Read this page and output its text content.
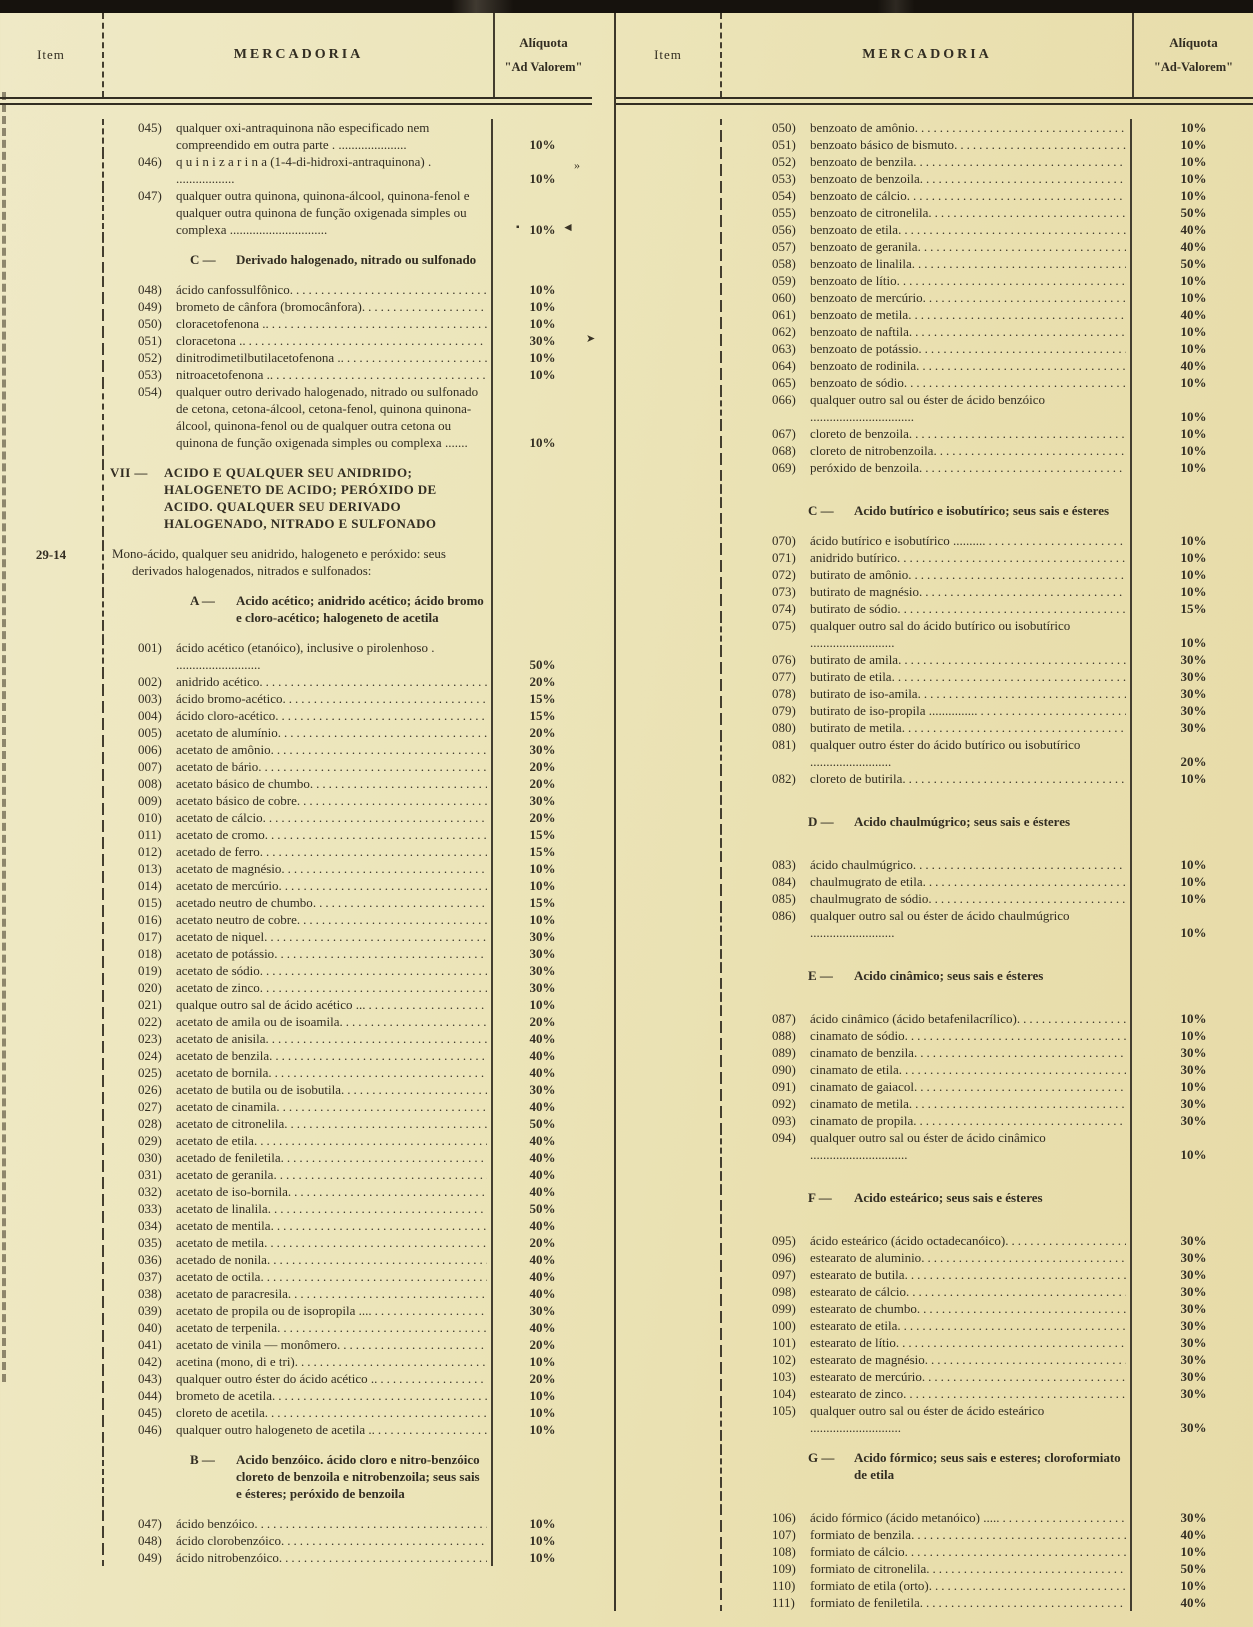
Item	MERCADORIA
Alíquota
"Ad Valorem"
045)	qualquer oxi-antraquinona não especificado nem compreendido em outra parte . .....................	10%
046)	q u i n i z a r i n a (1-4-di-hidroxi-antraquinona) . ..................	10%
047)	qualquer outra quinona, quinona-álcool, quinona-fenol e qualquer outra quinona de função oxigenada simples ou complexa ..............................	10%
C —	Derivado halogenado, nitrado ou sulfonado
048)	ácido canfossulfônico .....	10%
049)	brometo de cânfora (bromocânfora) .....	10%
050)	cloracetofenona . .....	10%
051)	cloracetona . .....	30%
052)	dinitrodimetilbutilacetofenona . .....	10%
053)	nitroacetofenona . .....	10%
054)	qualquer outro derivado halogenado, nitrado ou sulfonado de cetona, cetona-álcool, cetona-fenol, quinona quinona-álcool, quinona-fenol ou de qualquer outra cetona ou quinona de função oxigenada simples ou complexa .......	10%
VII —	ACIDO E QUALQUER SEU ANIDRIDO; HALOGENETO DE ACIDO; PERÓXIDO DE ACIDO. QUALQUER SEU DERIVADO HALOGENADO, NITRADO E SULFONADO
29-14	Mono-ácido, qualquer seu anidrido, halogeneto e peróxido: seus derivados halogenados, nitrados e sulfonados:
A —	Acido acético; anidrido acético; ácido bromo e cloro-acético; halogeneto de acetila
001)	ácido acético (etanóico), inclusive o pirolenhoso . ..........................	50%
002)	anidrido acético .....	20%
003)	ácido bromo-acético .....	15%
004)	ácido cloro-acético .....	15%
005)	acetato de alumínio .....	20%
006)	acetato de amônio .....	30%
007)	acetato de bário .....	20%
008)	acetato básico de chumbo .....	20%
009)	acetato básico de cobre .....	30%
010)	acetato de cálcio .....	20%
011)	acetato de cromo .....	15%
012)	acetado de ferro .....	15%
013)	acetato de magnésio .....	10%
014)	acetato de mercúrio .....	10%
015)	acetado neutro de chumbo .....	15%
016)	acetato neutro de cobre .....	10%
017)	acetato de niquel .....	30%
018)	acetato de potássio .....	30%
019)	acetato de sódio .....	30%
020)	acetato de zinco .....	30%
021)	qualque outro sal de ácido acético .. .....	10%
022)	acetato de amila ou de isoamila .....	20%
023)	acetato de anisila .....	40%
024)	acetato de benzila .....	40%
025)	acetato de bornila .....	40%
026)	acetato de butila ou de isobutila .....	30%
027)	acetato de cinamila .....	40%
028)	acetato de citronelila .....	50%
029)	acetato de etila .....	40%
030)	acetado de feniletila .....	40%
031)	acetato de geranila .....	40%
032)	acetato de iso-bornila .....	40%
033)	acetato de linalila .....	50%
034)	acetato de mentila .....	40%
035)	acetato de metila .....	20%
036)	acetado de nonila .....	40%
037)	acetato de octila .....	40%
038)	acetato de paracresila .....	40%
039)	acetato de propila ou de isopropila ... .....	30%
040)	acetato de terpenila .....	40%
041)	acetato de vinila — monômero .....	20%
042)	acetina (mono, di e tri) .....	10%
043)	qualquer outro éster do ácido acético . .....	20%
044)	brometo de acetila .....	10%
045)	cloreto de acetila .....	10%
046)	qualquer outro halogeneto de acetila . .....	10%
B —	Acido benzóico. ácido cloro e nitro-benzóico cloreto de benzoila e nitrobenzoila; seus sais e ésteres; peróxido de benzoila
047)	ácido benzóico .....	10%
048)	ácido clorobenzóico .....	10%
049)	ácido nitrobenzóico .....	10%
Item	MERCADORIA
Alíquota
"Ad-Valorem"
050)	benzoato de amônio .....	10%
051)	benzoato básico de bismuto .....	10%
052)	benzoato de benzila .....	10%
053)	benzoato de benzoila .....	10%
054)	benzoato de cálcio .....	10%
055)	benzoato de citronelila .....	50%
056)	benzoato de etila .....	40%
057)	benzoato de geranila .....	40%
058)	benzoato de linalila .....	50%
059)	benzoato de lítio .....	10%
060)	benzoato de mercúrio .....	10%
061)	benzoato de metila .....	40%
062)	benzoato de naftila .....	10%
063)	benzoato de potássio .....	10%
064)	benzoato de rodinila .....	40%
065)	benzoato de sódio .....	10%
066)	qualquer outro sal ou éster de ácido benzóico ................................	10%
067)	cloreto de benzoila .....	10%
068)	cloreto de nitrobenzoila .....	10%
069)	peróxido de benzoila .....	10%
C —	Acido butírico e isobutírico; seus sais e ésteres
070)	ácido butírico e isobutírico ......... .....	10%
071)	anidrido butírico .....	10%
072)	butirato de amônio .....	10%
073)	butirato de magnésio .....	10%
074)	butirato de sódio .....	15%
075)	qualquer outro sal do ácido butírico ou isobutírico ..........................	10%
076)	butirato de amila .....	30%
077)	butirato de etila .....	30%
078)	butirato de iso-amila .....	30%
079)	butirato de iso-propila .............. .....	30%
080)	butirato de metila .....	30%
081)	qualquer outro éster do ácido butírico ou isobutírico .........................	20%
082)	cloreto de butirila .....	10%
D —	Acido chaulmúgrico; seus sais e ésteres
083)	ácido chaulmúgrico .....	10%
084)	chaulmugrato de etila .....	10%
085)	chaulmugrato de sódio .....	10%
086)	qualquer outro sal ou éster de ácido chaulmúgrico ..........................	10%
E —	Acido cinâmico; seus sais e ésteres
087)	ácido cinâmico (ácido betafenilacrílico) .....	10%
088)	cinamato de sódio .....	10%
089)	cinamato de benzila .....	30%
090)	cinamato de etila .....	30%
091)	cinamato de gaiacol .....	10%
092)	cinamato de metila .....	30%
093)	cinamato de propila .....	30%
094)	qualquer outro sal ou éster de ácido cinâmico ..............................	10%
F —	Acido esteárico; seus sais e ésteres
095)	ácido esteárico (ácido octadecanóico) .....	30%
096)	estearato de aluminio .....	30%
097)	estearato de butila .....	30%
098)	estearato de cálcio .....	30%
099)	estearato de chumbo .....	30%
100)	estearato de etila .....	30%
101)	estearato de lítio .....	30%
102)	estearato de magnésio .....	30%
103)	estearato de mercúrio .....	30%
104)	estearato de zinco .....	30%
105)	qualquer outro sal ou éster de ácido esteárico ............................	30%
G —	Acido fórmico; seus sais e esteres; cloroformiato de etila
106)	ácido fórmico (ácido metanóico) .... .....	30%
107)	formiato de benzila .....	40%
108)	formiato de cálcio .....	10%
109)	formiato de citronelila .....	50%
110)	formiato de etila (orto) .....	10%
111)	formiato de feniletila .....	40%
»
▪	◄
➤
